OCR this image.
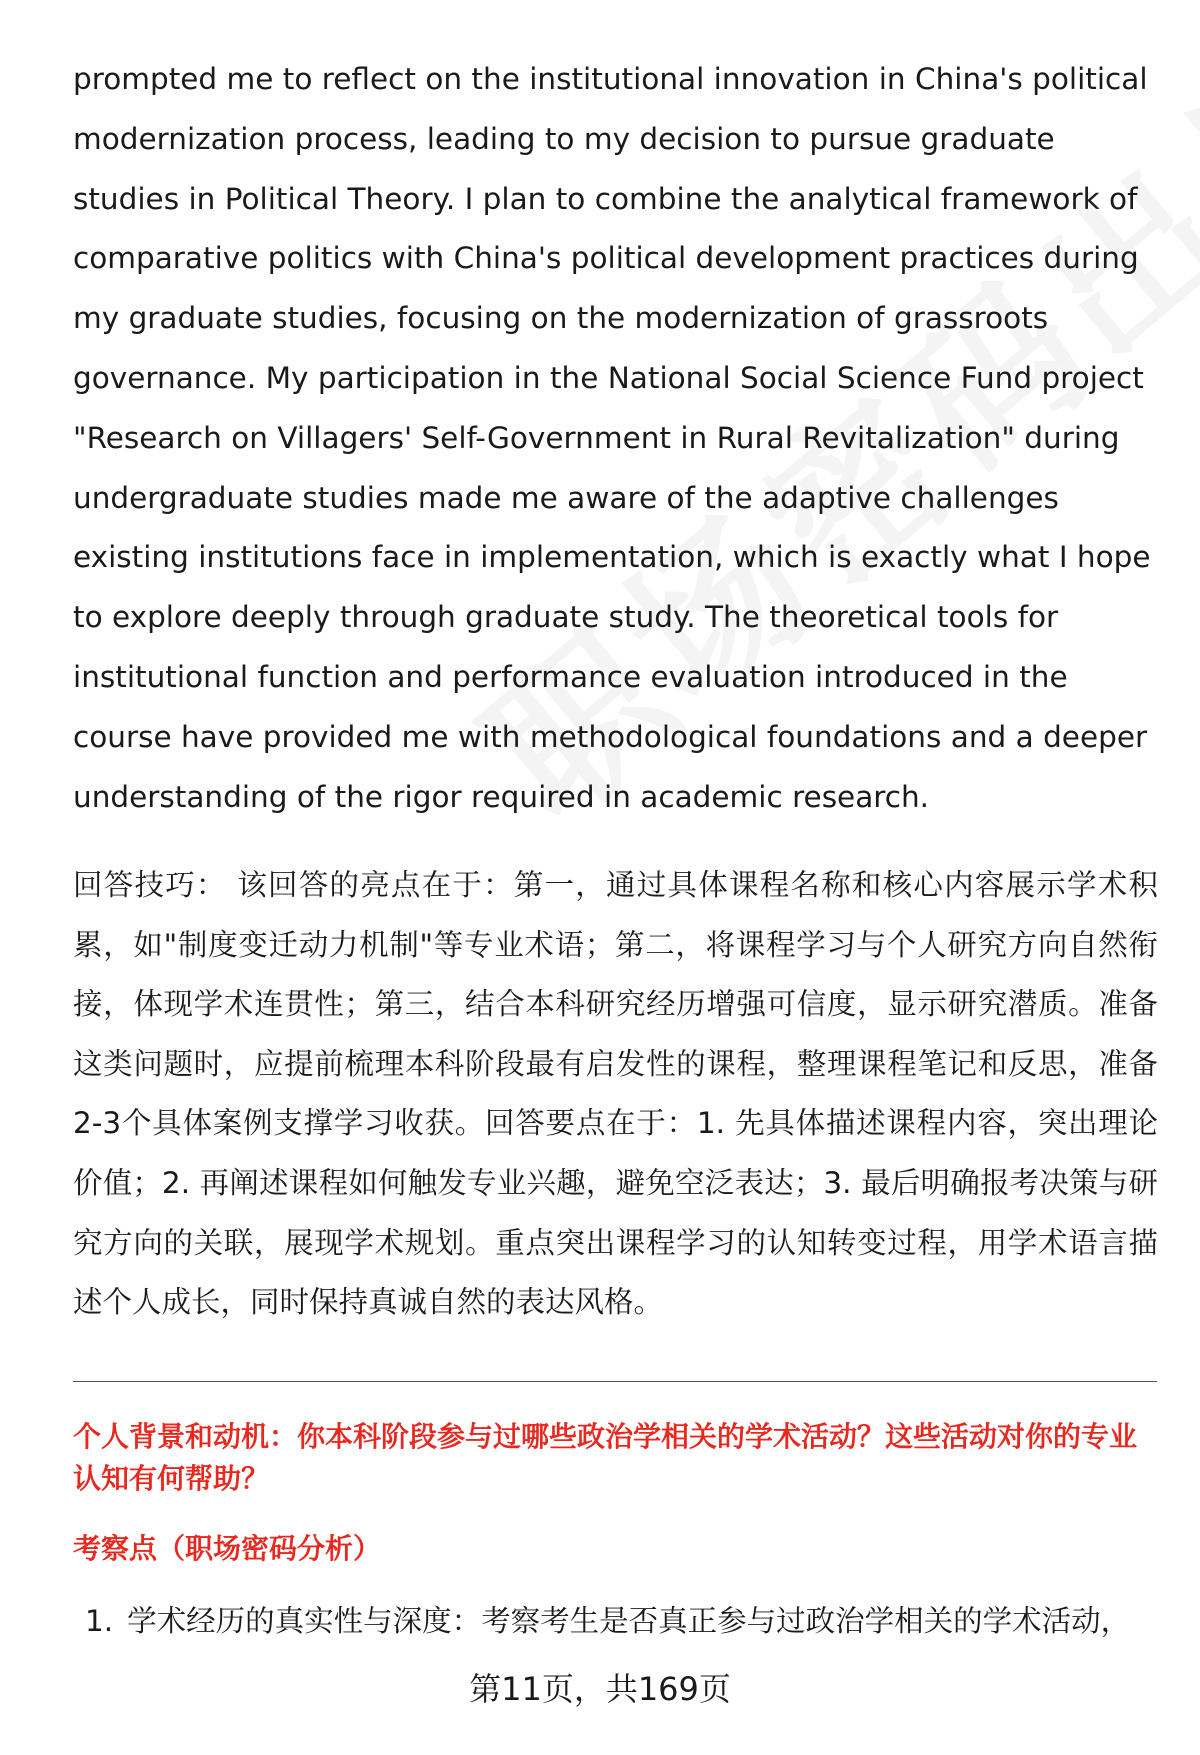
prompted me to reflect on the institutional innovation in China's political modernization process, leading to my decision to pursue graduate studies in Political Theory. I plan to combine the analytical framework of comparative politics with China's political development practices during my graduate studies, focusing on the modernization of grassroots governance. My participation in the National Social Science Fund project "Research on Villagers' Self-Government in Rural Revitalization" during undergraduate studies made me aware of the adaptive challenges existing institutions face in implementation, which is exactly what I hope to explore deeply through graduate study. The theoretical tools for institutional function and performance evaluation introduced in the course have provided me with methodological foundations and a deeper understanding of the rigor required in academic research.

回答技巧： 该回答的亮点在于：第一，通过具体课程名称和核心内容展示学术积累，如"制度变迁动力机制"等专业术语；第二，将课程学习与个人研究方向自然衔接，体现学术连贯性；第三，结合本科研究经历增强可信度，显示研究潜质。准备这类问题时，应提前梳理本科阶段最有启发性的课程，整理课程笔记和反思，准备2-3个具体案例支撑学习收获。回答要点在于：1. 先具体描述课程内容，突出理论价值；2. 再阐述课程如何触发专业兴趣，避免空泛表达；3. 最后明确报考决策与研究方向的关联，展现学术规划。重点突出课程学习的认知转变过程，用学术语言描述个人成长，同时保持真诚自然的表达风格。

个人背景和动机：你本科阶段参与过哪些政治学相关的学术活动？这些活动对你的专业认知有何帮助？

考察点（职场密码分析）

1. 学术经历的真实性与深度：考察考生是否真正参与过政治学相关的学术活动，
第11页，共169页
